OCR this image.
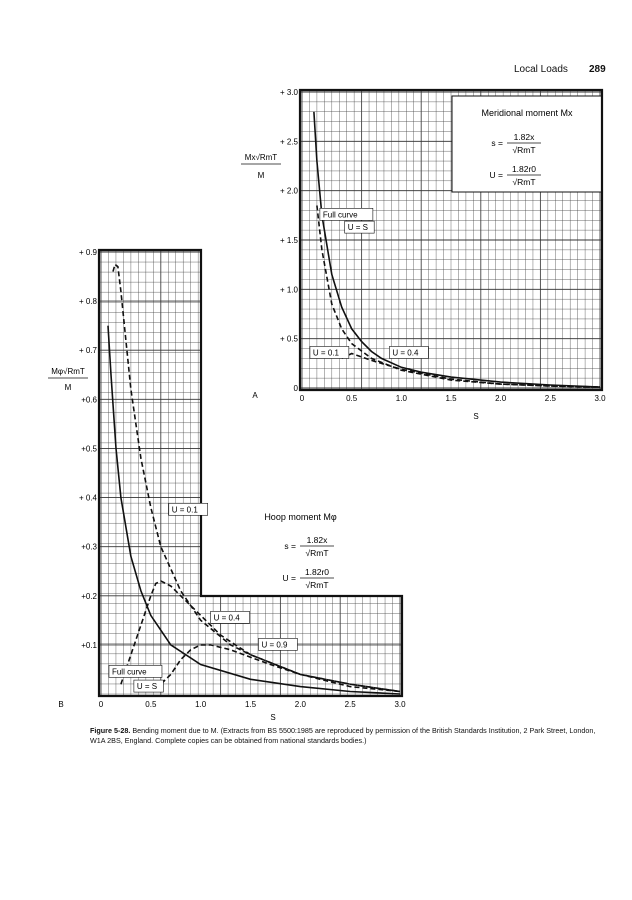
Local Loads 289
Meridional moment Mx
s =
1.82x
√RmT
U =
1.82r0
√RmT
0	0.5	1.0	1.5	2.0	2.5	3.0
0
+ 0.5
+ 1.0
+ 1.5
+ 2.0
+ 2.5
+ 3.0
S
A
Mx√RmT
M
Full curve
U = S
U = 0.1	U = 0.4
Hoop moment Mφ
s =
1.82x
√RmT
U =
1.82r0
√RmT
0	0.5	1.0	1.5	2.0	2.5	3.0
+0.1
+0.2
+0.3
+ 0.4
+0.5
+0.6
+ 0.7
+ 0.8
+ 0.9
S
B
Mφ√RmT
M
U = 0.1
U = 0.4
U = 0.9
Full curve
U = S
Figure 5-28. Bending moment due to M. (Extracts from BS 5500:1985 are reproduced by permission of the British Standards Institution, 2 Park Street, London, W1A 2BS, England. Complete copies can be obtained from national standards bodies.)
